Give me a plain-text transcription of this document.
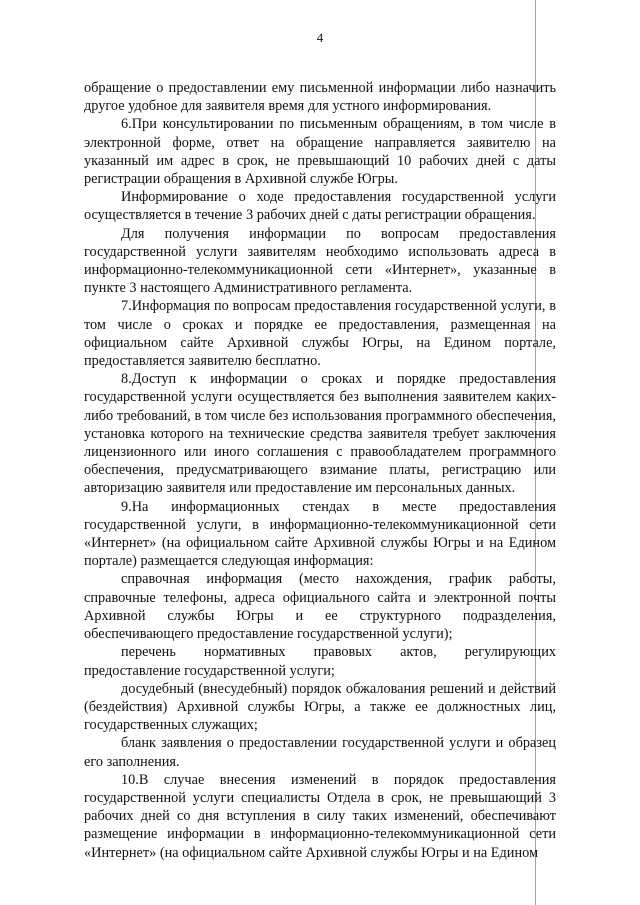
4

обращение о предоставлении ему письменной информации либо назначить другое удобное для заявителя время для устного информирования.

6.При консультировании по письменным обращениям, в том числе в электронной форме, ответ на обращение направляется заявителю на указанный им адрес в срок, не превышающий 10 рабочих дней с даты регистрации обращения в Архивной службе Югры.

Информирование о ходе предоставления государственной услуги осуществляется в течение 3 рабочих дней с даты регистрации обращения.

Для получения информации по вопросам предоставления государственной услуги заявителям необходимо использовать адреса в информационно-телекоммуникационной сети «Интернет», указанные в пункте 3 настоящего Административного регламента.

7.Информация по вопросам предоставления государственной услуги, в том числе о сроках и порядке ее предоставления, размещенная на официальном сайте Архивной службы Югры, на Едином портале, предоставляется заявителю бесплатно.

8.Доступ к информации о сроках и порядке предоставления государственной услуги осуществляется без выполнения заявителем каких-либо требований, в том числе без использования программного обеспечения, установка которого на технические средства заявителя требует заключения лицензионного или иного соглашения с правообладателем программного обеспечения, предусматривающего взимание платы, регистрацию или авторизацию заявителя или предоставление им персональных данных.

9.На информационных стендах в месте предоставления государственной услуги, в информационно-телекоммуникационной сети «Интернет» (на официальном сайте Архивной службы Югры и на Едином портале) размещается следующая информация:

справочная информация (место нахождения, график работы, справочные телефоны, адреса официального сайта и электронной почты Архивной службы Югры и ее структурного подразделения, обеспечивающего предоставление государственной услуги);

перечень нормативных правовых актов, регулирующих предоставление государственной услуги;

досудебный (внесудебный) порядок обжалования решений и действий (бездействия) Архивной службы Югры, а также ее должностных лиц, государственных служащих;

бланк заявления о предоставлении государственной услуги и образец его заполнения.

10.В случае внесения изменений в порядок предоставления государственной услуги специалисты Отдела в срок, не превышающий 3 рабочих дней со дня вступления в силу таких изменений, обеспечивают размещение информации в информационно-телекоммуникационной сети «Интернет» (на официальном сайте Архивной службы Югры и на Едином
